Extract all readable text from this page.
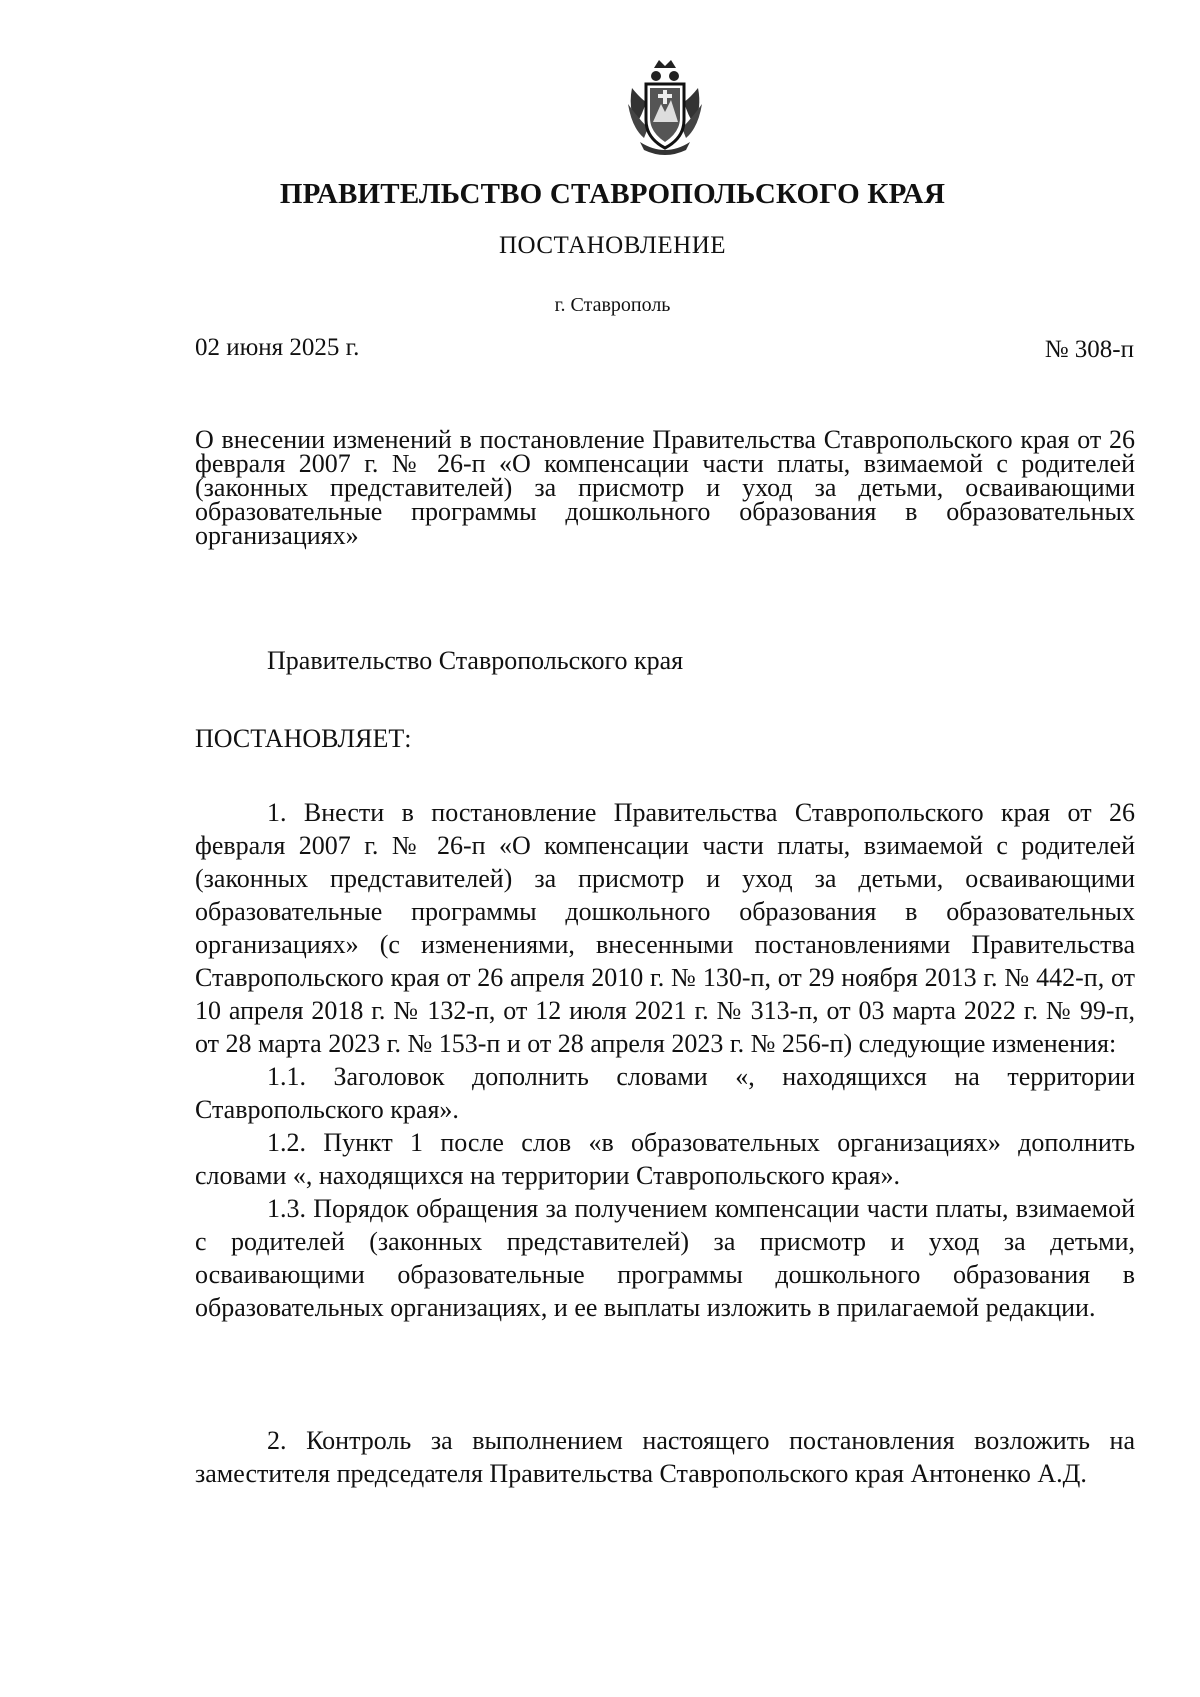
ПРАВИТЕЛЬСТВО СТАВРОПОЛЬСКОГО КРАЯ
ПОСТАНОВЛЕНИЕ
г. Ставрополь
02 июня 2025 г.	№ 308-п
О внесении изменений в постановление Правительства Ставропольского края от 26 февраля 2007 г. № 26-п «О компенсации части платы, взимаемой с родителей (законных представителей) за присмотр и уход за детьми, осваивающими образовательные программы дошкольного образования в образовательных организациях»
Правительство Ставропольского края
ПОСТАНОВЛЯЕТ:

1. Внести в постановление Правительства Ставропольского края от 26 февраля 2007 г. № 26-п «О компенсации части платы, взимаемой с родителей (законных представителей) за присмотр и уход за детьми, осваивающими образовательные программы дошкольного образования в образовательных организациях» (с изменениями, внесенными постановлениями Правительства Ставропольского края от 26 апреля 2010 г. № 130-п, от 29 ноября 2013 г. № 442-п, от 10 апреля 2018 г. № 132-п, от 12 июля 2021 г. № 313-п, от 03 марта 2022 г. № 99-п, от 28 марта 2023 г. № 153-п и от 28 апреля 2023 г. № 256-п) следующие изменения:

1.1. Заголовок дополнить словами «, находящихся на территории Ставропольского края».

1.2. Пункт 1 после слов «в образовательных организациях» дополнить словами «, находящихся на территории Ставропольского края».

1.3. Порядок обращения за получением компенсации части платы, взимаемой с родителей (законных представителей) за присмотр и уход за детьми, осваивающими образовательные программы дошкольного образования в образовательных организациях, и ее выплаты изложить в прилагаемой редакции.

2. Контроль за выполнением настоящего постановления возложить на заместителя председателя Правительства Ставропольского края Антоненко А.Д.
